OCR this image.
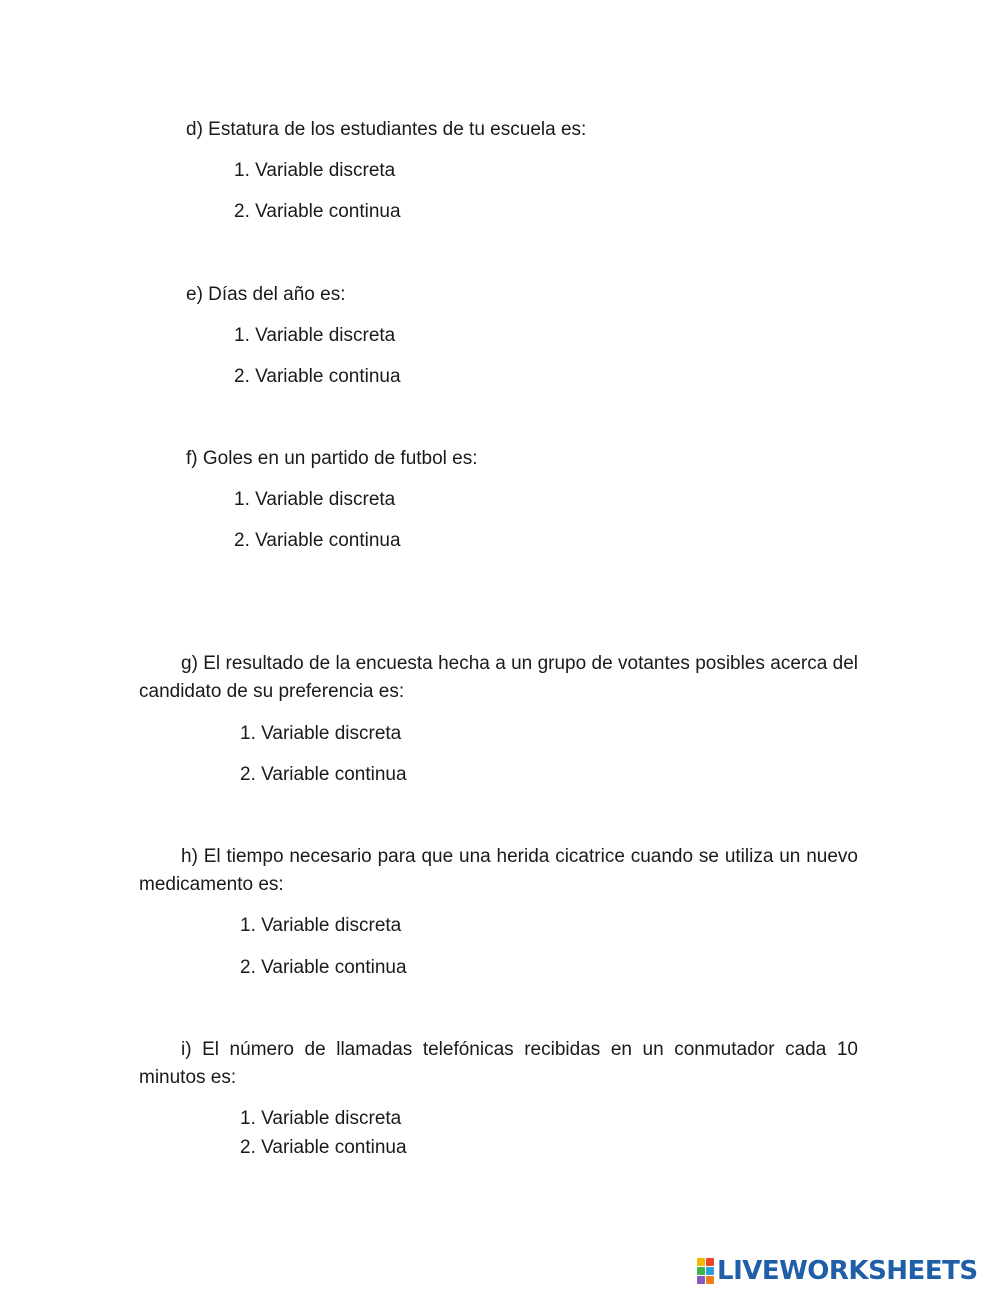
d) Estatura de los estudiantes de tu escuela es:
1. Variable discreta
2. Variable continua
e) Días del año es:
1. Variable discreta
2. Variable continua
f) Goles en un partido de futbol es:
1. Variable discreta
2. Variable continua
g) El resultado de la encuesta hecha a un grupo de votantes posibles acerca del candidato de su preferencia es:
1. Variable discreta
2. Variable continua
h) El tiempo necesario para que una herida cicatrice cuando se utiliza un nuevo medicamento es:
1. Variable discreta
2. Variable continua
i) El número de llamadas telefónicas recibidas en un conmutador cada 10 minutos es:
1. Variable discreta
2. Variable continua
LIVEWORKSHEETS
